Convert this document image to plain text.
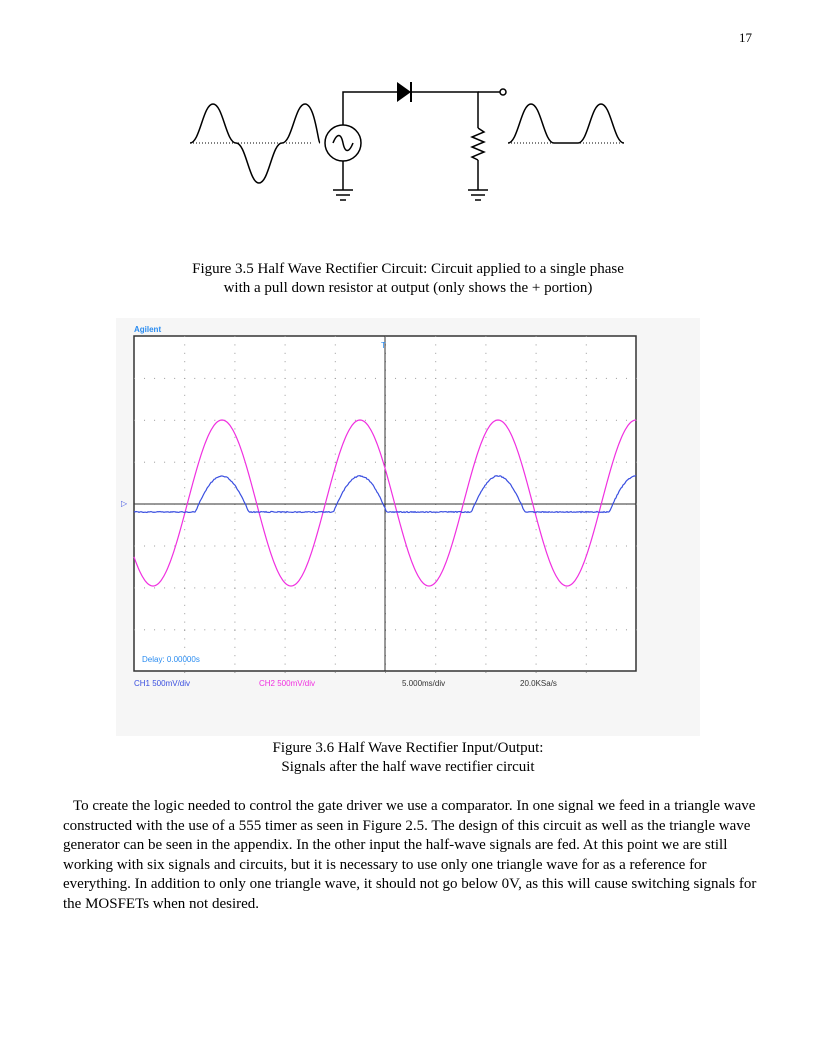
17
Figure 3.5 Half Wave Rectifier Circuit: Circuit applied to a single phase
with a pull down resistor at output (only shows the + portion)
Agilent
T
▷
Delay: 0.00000s
CH1 500mV/div	CH2 500mV/div	5.000ms/div	20.0KSa/s
Figure 3.6 Half Wave Rectifier Input/Output:
Signals after the half wave rectifier circuit
To create the logic needed to control the gate driver we use a comparator. In one signal we feed in a triangle wave constructed with the use of a 555 timer as seen in Figure 2.5. The design of this circuit as well as the triangle wave generator can be seen in the appendix. In the other input the half-wave signals are fed. At this point we are still working with six signals and circuits, but it is necessary to use only one triangle wave for as a reference for everything. In addition to only one triangle wave, it should not go below 0V, as this will cause switching signals for the MOSFETs when not desired.
